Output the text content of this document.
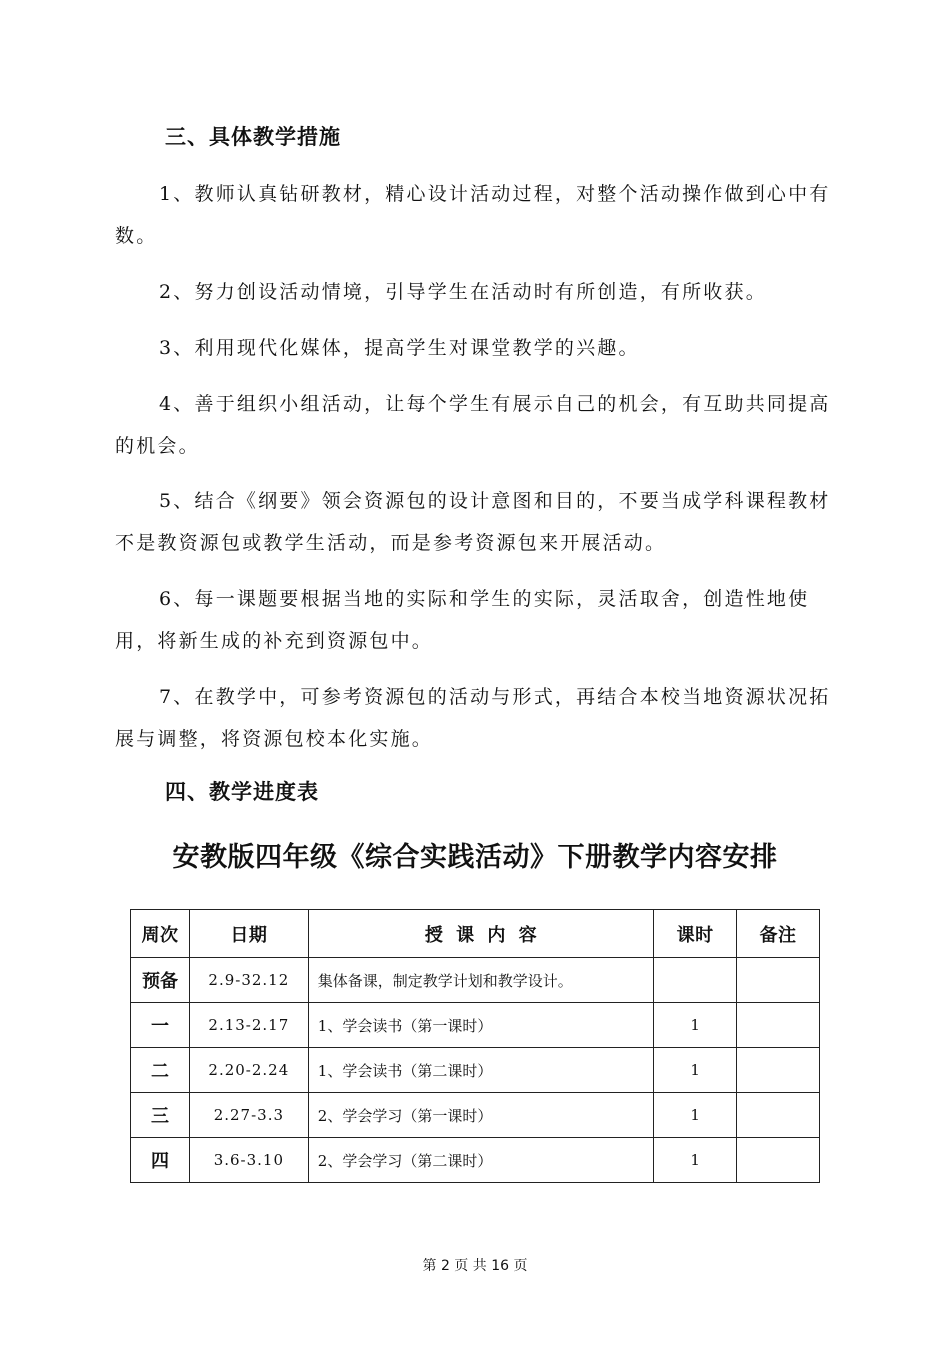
三、具体教学措施

1、教师认真钻研教材，精心设计活动过程，对整个活动操作做到心中有数。

2、努力创设活动情境，引导学生在活动时有所创造，有所收获。

3、利用现代化媒体，提高学生对课堂教学的兴趣。

4、善于组织小组活动，让每个学生有展示自己的机会，有互助共同提高的机会。

5、结合《纲要》领会资源包的设计意图和目的，不要当成学科课程教材不是教资源包或教学生活动，而是参考资源包来开展活动。

6、每一课题要根据当地的实际和学生的实际，灵活取舍，创造性地使用，将新生成的补充到资源包中。

7、在教学中，可参考资源包的活动与形式，再结合本校当地资源状况拓展与调整，将资源包校本化实施。

四、教学进度表
安教版四年级《综合实践活动》下册教学内容安排
周次	日期	授 课 内 容	课时	备注
预备	2.9-32.12	集体备课，制定教学计划和教学设计。		
一	2.13-2.17	1、学会读书（第一课时）	1	
二	2.20-2.24	1、学会读书（第二课时）	1	
三	2.27-3.3	2、学会学习（第一课时）	1	
四	3.6-3.10	2、学会学习（第二课时）	1	
第 2 页 共 16 页
